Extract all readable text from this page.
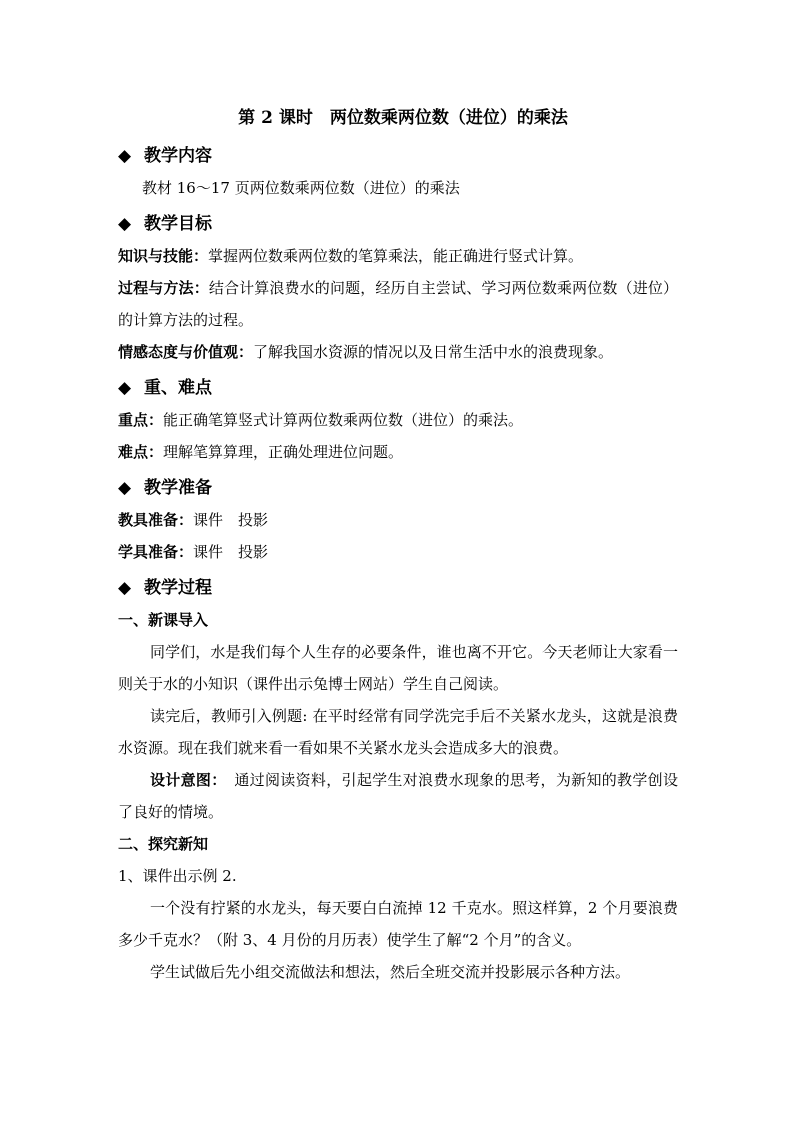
第 2 课时　两位数乘两位数（进位）的乘法
◆ 教学内容
教材 16～17 页两位数乘两位数（进位）的乘法
◆ 教学目标
知识与技能：掌握两位数乘两位数的笔算乘法，能正确进行竖式计算。
过程与方法：结合计算浪费水的问题，经历自主尝试、学习两位数乘两位数（进位）的计算方法的过程。
情感态度与价值观：了解我国水资源的情况以及日常生活中水的浪费现象。
◆ 重、难点
重点：能正确笔算竖式计算两位数乘两位数（进位）的乘法。
难点：理解笔算算理，正确处理进位问题。
◆ 教学准备
教具准备：课件　投影
学具准备：课件　投影
◆ 教学过程
一、新课导入
同学们，水是我们每个人生存的必要条件，谁也离不开它。今天老师让大家看一则关于水的小知识（课件出示兔博士网站）学生自己阅读。
读完后，教师引入例题: 在平时经常有同学洗完手后不关紧水龙头，这就是浪费水资源。现在我们就来看一看如果不关紧水龙头会造成多大的浪费。
设计意图：　通过阅读资料，引起学生对浪费水现象的思考，为新知的教学创设了良好的情境。
二、探究新知
1、课件出示例 2.
一个没有拧紧的水龙头，每天要白白流掉 12 千克水。照这样算，2 个月要浪费多少千克水？（附 3、4 月份的月历表）使学生了解“2 个月”的含义。
学生试做后先小组交流做法和想法，然后全班交流并投影展示各种方法。
